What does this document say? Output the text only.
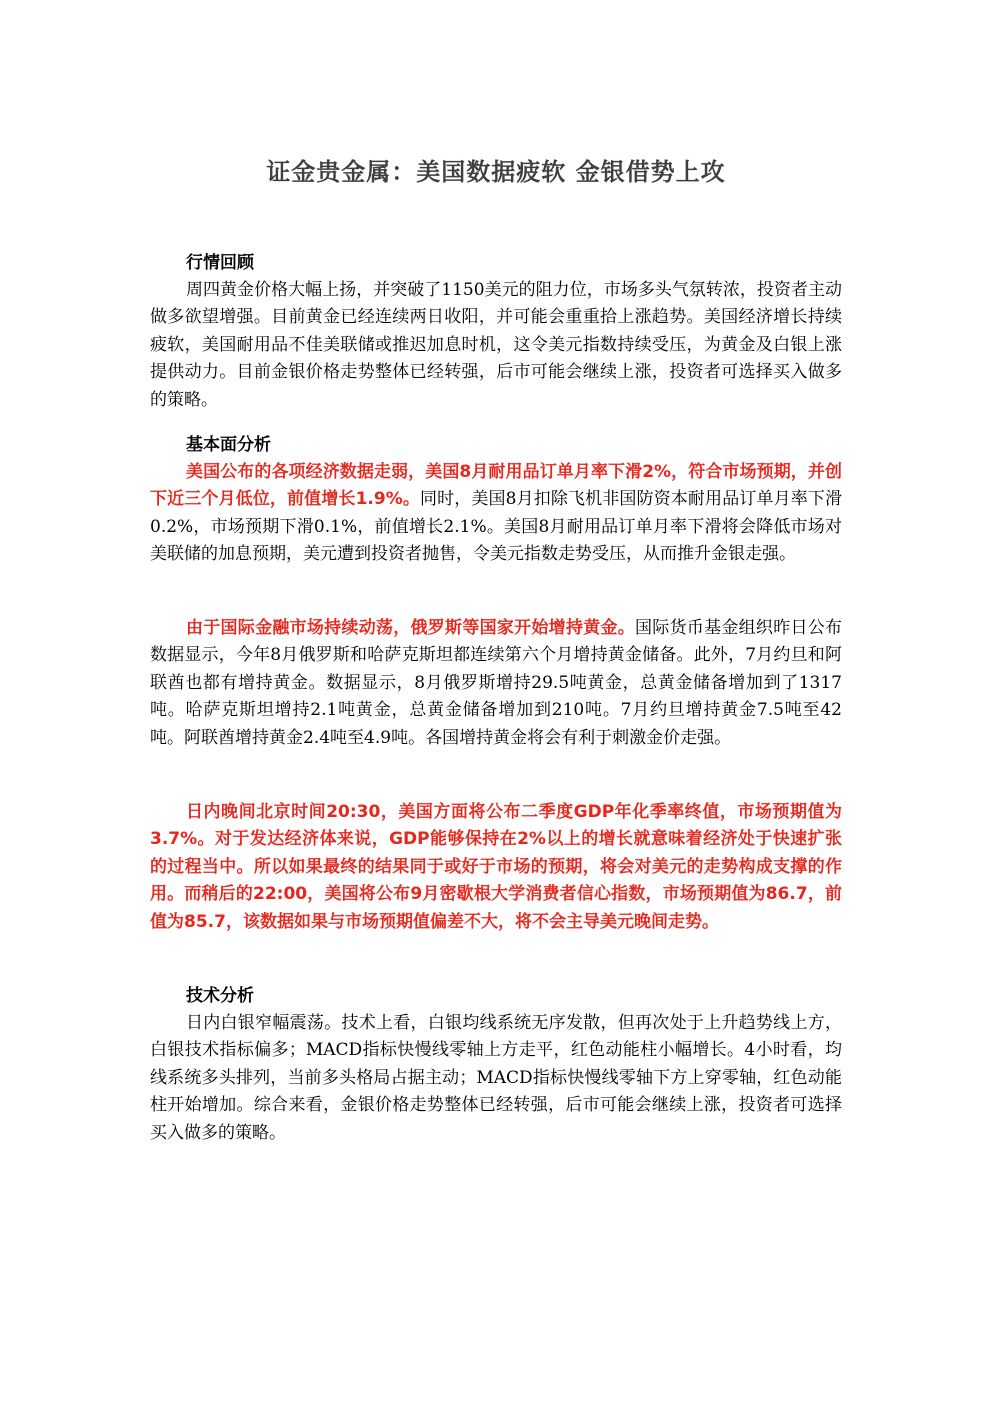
证金贵金属：美国数据疲软 金银借势上攻
行情回顾

周四黄金价格大幅上扬，并突破了1150美元的阻力位，市场多头气氛转浓，投资者主动做多欲望增强。目前黄金已经连续两日收阳，并可能会重重拾上涨趋势。美国经济增长持续疲软，美国耐用品不佳美联储或推迟加息时机，这令美元指数持续受压，为黄金及白银上涨提供动力。目前金银价格走势整体已经转强，后市可能会继续上涨，投资者可选择买入做多的策略。

基本面分析

美国公布的各项经济数据走弱，美国8月耐用品订单月率下滑2%，符合市场预期，并创下近三个月低位，前值增长1.9%。同时，美国8月扣除飞机非国防资本耐用品订单月率下滑0.2%，市场预期下滑0.1%，前值增长2.1%。美国8月耐用品订单月率下滑将会降低市场对美联储的加息预期，美元遭到投资者抛售，令美元指数走势受压，从而推升金银走强。

由于国际金融市场持续动荡，俄罗斯等国家开始增持黄金。国际货币基金组织昨日公布数据显示，今年8月俄罗斯和哈萨克斯坦都连续第六个月增持黄金储备。此外，7月约旦和阿联酋也都有增持黄金。数据显示，8月俄罗斯增持29.5吨黄金，总黄金储备增加到了1317吨。哈萨克斯坦增持2.1吨黄金，总黄金储备增加到210吨。7月约旦增持黄金7.5吨至42吨。阿联酋增持黄金2.4吨至4.9吨。各国增持黄金将会有利于刺激金价走强。

日内晚间北京时间20:30，美国方面将公布二季度GDP年化季率终值，市场预期值为3.7%。对于发达经济体来说，GDP能够保持在2%以上的增长就意味着经济处于快速扩张的过程当中。所以如果最终的结果同于或好于市场的预期，将会对美元的走势构成支撑的作用。而稍后的22:00，美国将公布9月密歇根大学消费者信心指数，市场预期值为86.7，前值为85.7，该数据如果与市场预期值偏差不大，将不会主导美元晚间走势。

技术分析

日内白银窄幅震荡。技术上看，白银均线系统无序发散，但再次处于上升趋势线上方，白银技术指标偏多；MACD指标快慢线零轴上方走平，红色动能柱小幅增长。4小时看，均线系统多头排列，当前多头格局占据主动；MACD指标快慢线零轴下方上穿零轴，红色动能柱开始增加。综合来看，金银价格走势整体已经转强，后市可能会继续上涨，投资者可选择买入做多的策略。
